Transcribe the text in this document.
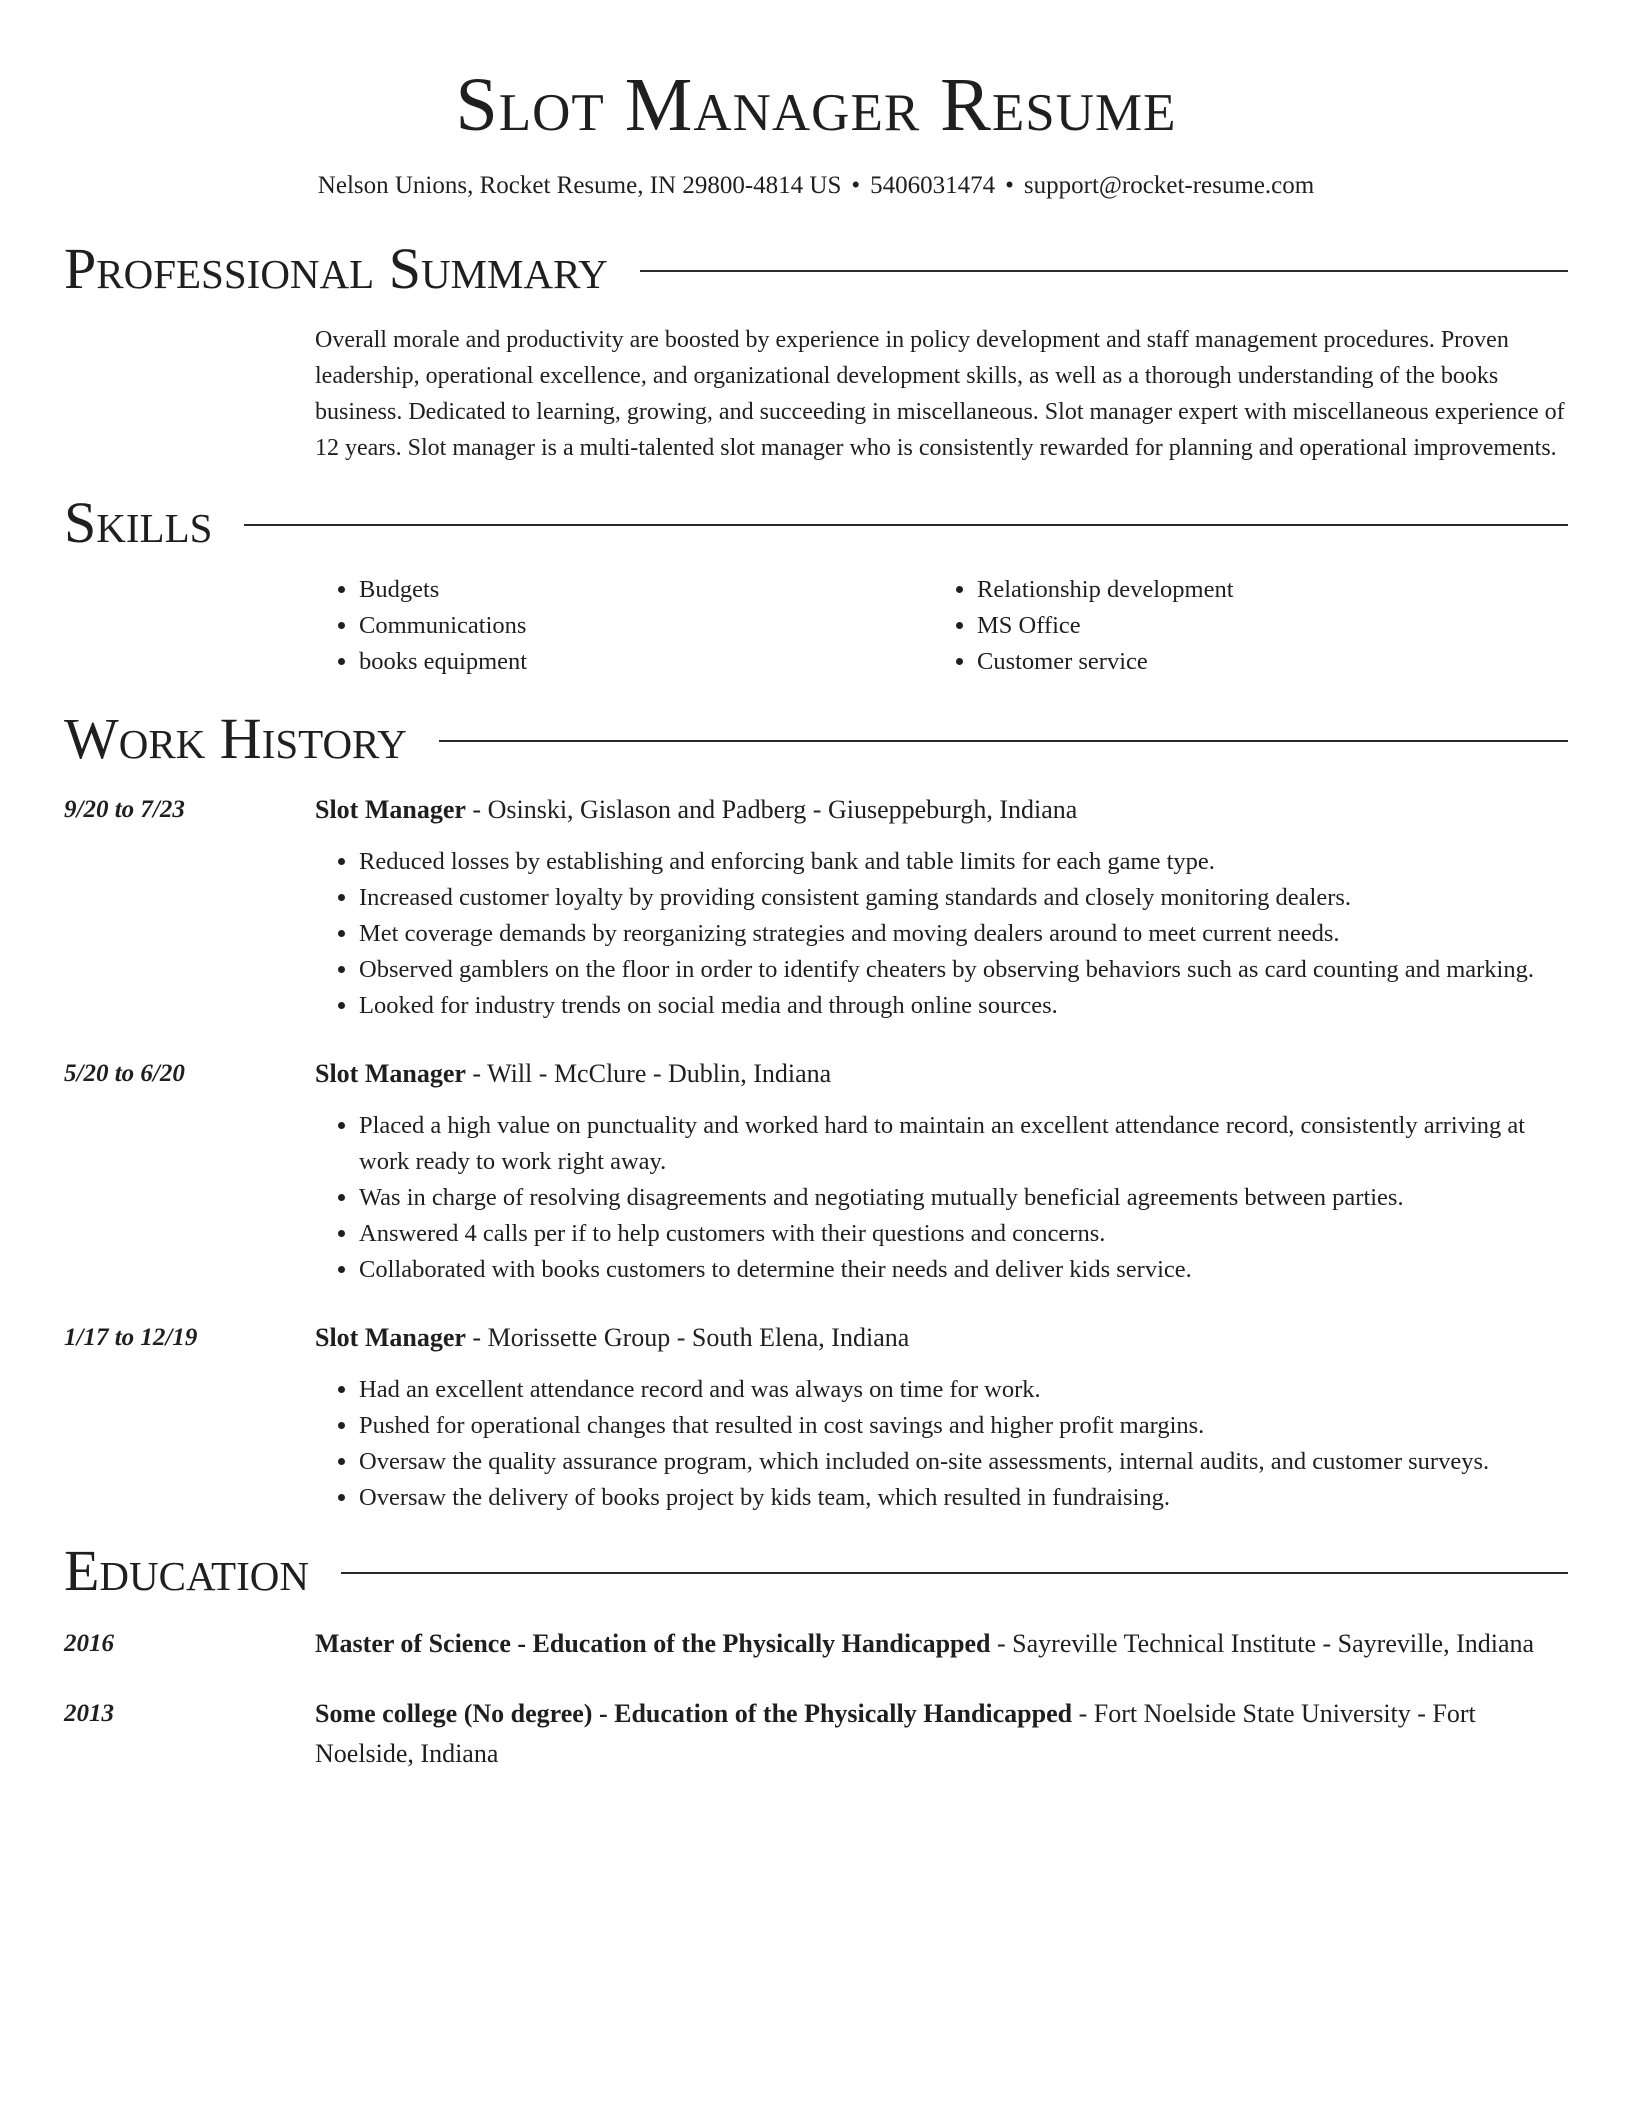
Slot Manager Resume
Nelson Unions, Rocket Resume, IN 29800-4814 US • 5406031474 • support@rocket-resume.com
Professional Summary

Overall morale and productivity are boosted by experience in policy development and staff management procedures. Proven leadership, operational excellence, and organizational development skills, as well as a thorough understanding of the books business. Dedicated to learning, growing, and succeeding in miscellaneous. Slot manager expert with miscellaneous experience of 12 years. Slot manager is a multi-talented slot manager who is consistently rewarded for planning and operational improvements.

Skills
• Budgets
• Communications
• books equipment
• Relationship development
• MS Office
• Customer service
Work History
9/20 to 7/23	Slot Manager - Osinski, Gislason and Padberg - Giuseppeburgh, Indiana
• Reduced losses by establishing and enforcing bank and table limits for each game type.
• Increased customer loyalty by providing consistent gaming standards and closely monitoring dealers.
• Met coverage demands by reorganizing strategies and moving dealers around to meet current needs.
• Observed gamblers on the floor in order to identify cheaters by observing behaviors such as card counting and marking.
• Looked for industry trends on social media and through online sources.
5/20 to 6/20	Slot Manager - Will - McClure - Dublin, Indiana
• Placed a high value on punctuality and worked hard to maintain an excellent attendance record, consistently arriving at work ready to work right away.
• Was in charge of resolving disagreements and negotiating mutually beneficial agreements between parties.
• Answered 4 calls per if to help customers with their questions and concerns.
• Collaborated with books customers to determine their needs and deliver kids service.
1/17 to 12/19	Slot Manager - Morissette Group - South Elena, Indiana
• Had an excellent attendance record and was always on time for work.
• Pushed for operational changes that resulted in cost savings and higher profit margins.
• Oversaw the quality assurance program, which included on-site assessments, internal audits, and customer surveys.
• Oversaw the delivery of books project by kids team, which resulted in fundraising.
Education
2016	Master of Science - Education of the Physically Handicapped - Sayreville Technical Institute - Sayreville, Indiana
2013	Some college (No degree) - Education of the Physically Handicapped - Fort Noelside State University - Fort Noelside, Indiana
